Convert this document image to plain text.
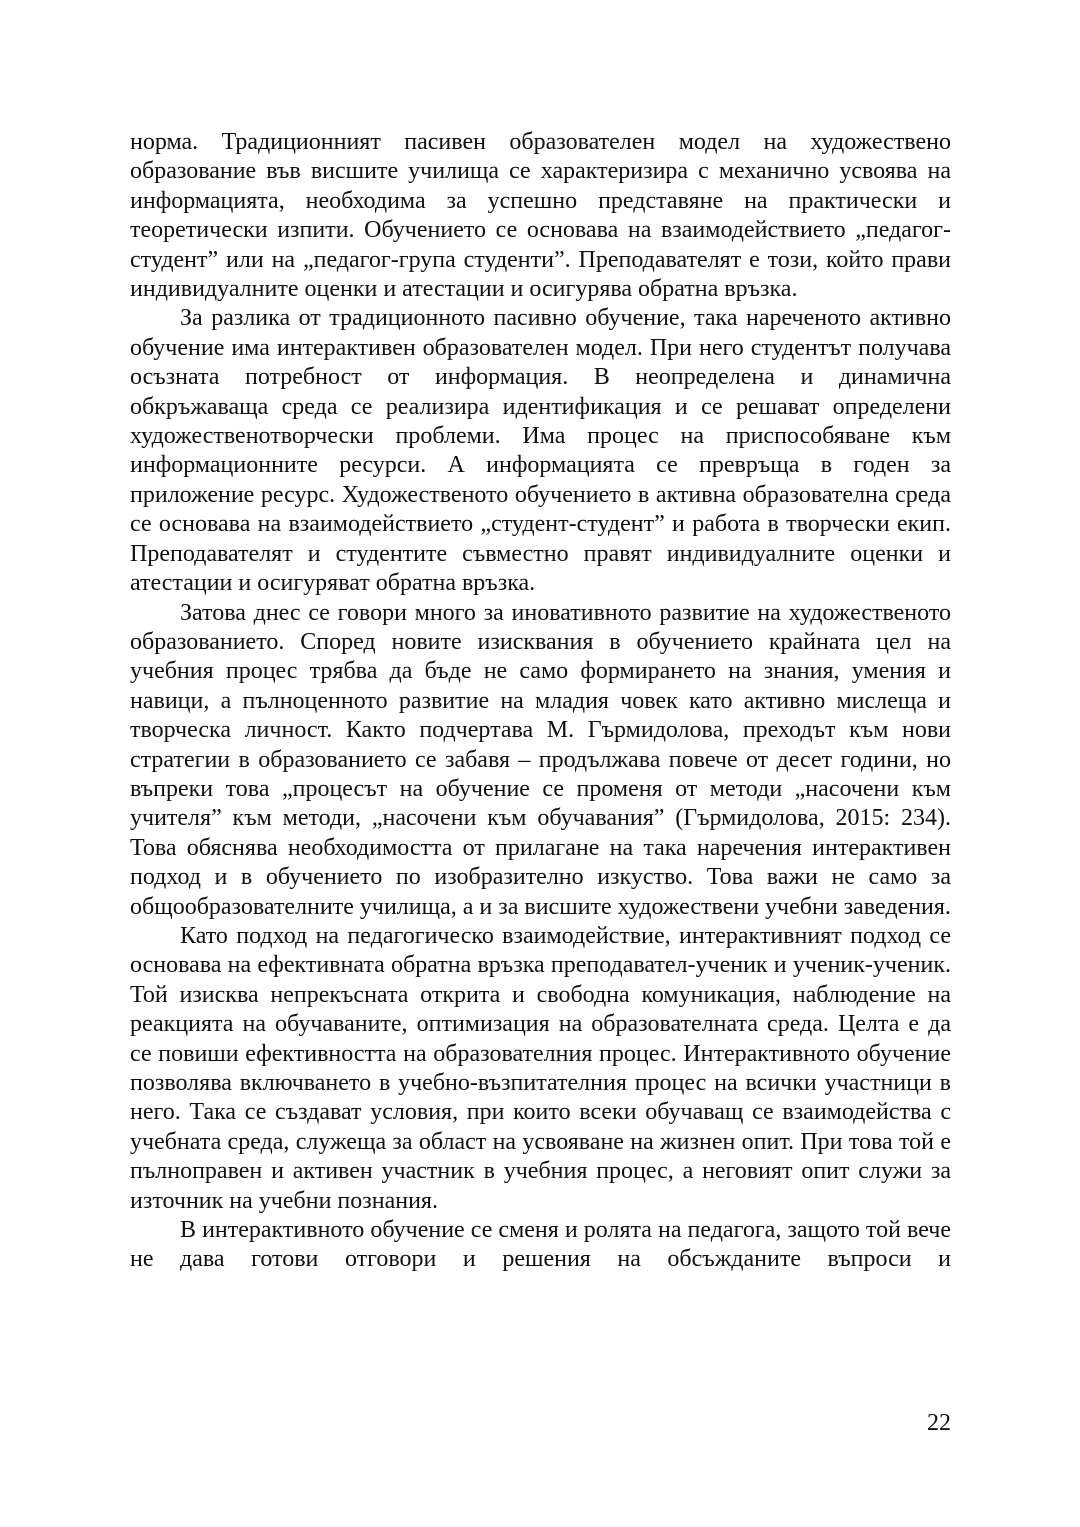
норма. Традиционният пасивен образователен модел на художествено образование във висшите училища се характеризира с механично усвоява на информацията, необходима за успешно представяне на практически и теоретически изпити. Обучението се основава на взаимодействието „педагог-студент” или на „педагог-група студенти”. Преподавателят е този, който прави индивидуалните оценки и атестации и осигурява обратна връзка.

За разлика от традиционното пасивно обучение, така нареченото активно обучение има интерактивен образователен модел. При него студентът получава осъзната потребност от информация. В неопределена и динамична обкръжаваща среда се реализира идентификация и се решават определени художественотворчески проблеми. Има процес на приспособяване към информационните ресурси. А информацията се превръща в годен за приложение ресурс. Художественото обучението в активна образователна среда се основава на взаимодействието „студент-студент” и работа в творчески екип. Преподавателят и студентите съвместно правят индивидуалните оценки и атестации и осигуряват обратна връзка.

Затова днес се говори много за иновативното развитие на художественото образованието. Според новите изисквания в обучението крайната цел на учебния процес трябва да бъде не само формирането на знания, умения и навици, а пълноценното развитие на младия човек като активно мислеща и творческа личност. Както подчертава М. Гърмидолова, преходът към нови стратегии в образованието се забавя – продължава повече от десет години, но въпреки това „процесът на обучение се променя от методи „насочени към учителя” към методи, „насочени към обучавания” (Гърмидолова, 2015: 234). Това обяснява необходимостта от прилагане на така наречения интерактивен подход и в обучението по изобразително изкуство. Това важи не само за общообразователните училища, а и за висшите художествени учебни заведения.

Като подход на педагогическо взаимодействие, интерактивният подход се основава на ефективната обратна връзка преподавател-ученик и ученик-ученик. Той изисква непрекъсната открита и свободна комуникация, наблюдение на реакцията на обучаваните, оптимизация на образователната среда. Целта е да се повиши ефективността на образователния процес. Интерактивното обучение позволява включването в учебно-възпитателния процес на всички участници в него. Така се създават условия, при които всеки обучаващ се взаимодейства с учебната среда, служеща за област на усвояване на жизнен опит. При това той е пълноправен и активен участник в учебния процес, а неговият опит служи за източник на учебни познания.

В интерактивното обучение се сменя и ролята на педагога, защото той вече не дава готови отговори и решения на обсъжданите въпроси и

22
